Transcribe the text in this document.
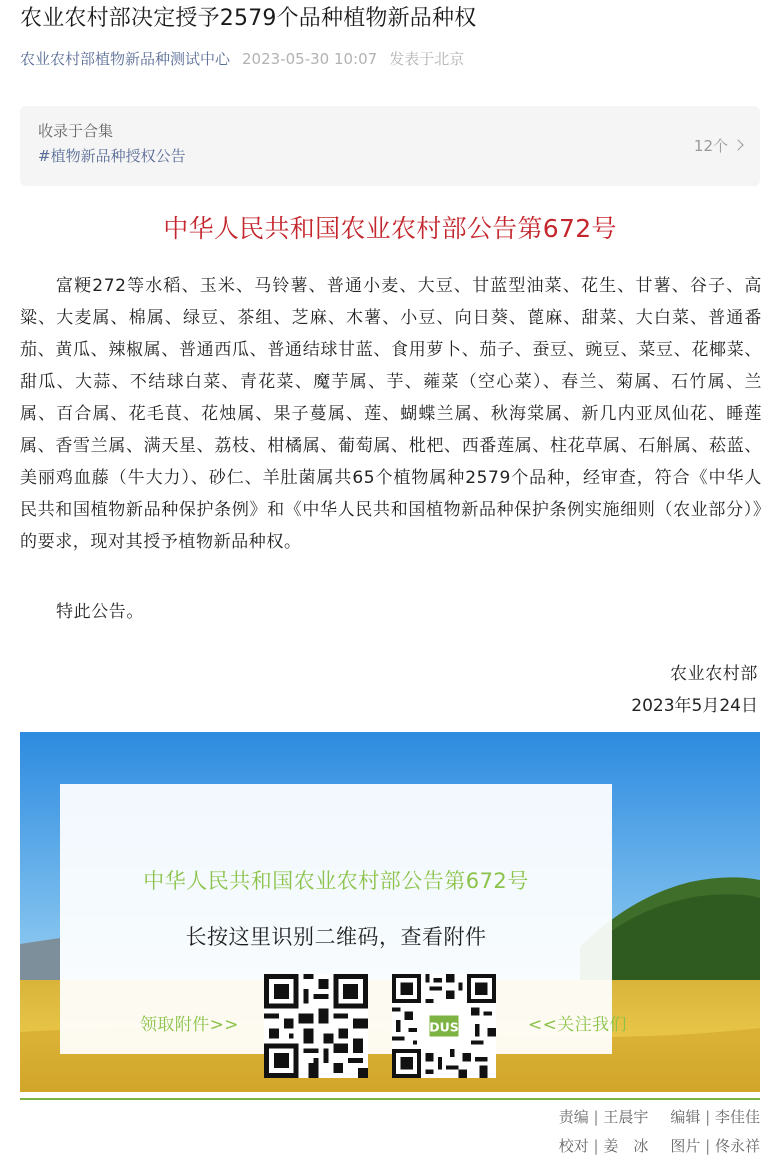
农业农村部决定授予2579个品种植物新品种权
农业农村部植物新品种测试中心 2023-05-30 10:07 发表于北京
收录于合集
#植物新品种授权公告
12个
中华人民共和国农业农村部公告第672号

富粳272等水稻、玉米、马铃薯、普通小麦、大豆、甘蓝型油菜、花生、甘薯、谷子、高粱、大麦属、棉属、绿豆、茶组、芝麻、木薯、小豆、向日葵、蓖麻、甜菜、大白菜、普通番茄、黄瓜、辣椒属、普通西瓜、普通结球甘蓝、食用萝卜、茄子、蚕豆、豌豆、菜豆、花椰菜、甜瓜、大蒜、不结球白菜、青花菜、魔芋属、芋、蕹菜（空心菜）、春兰、菊属、石竹属、兰属、百合属、花毛茛、花烛属、果子蔓属、莲、蝴蝶兰属、秋海棠属、新几内亚凤仙花、睡莲属、香雪兰属、满天星、荔枝、柑橘属、葡萄属、枇杷、西番莲属、柱花草属、石斛属、菘蓝、美丽鸡血藤（牛大力）、砂仁、羊肚菌属共65个植物属种2579个品种，经审查，符合《中华人民共和国植物新品种保护条例》和《中华人民共和国植物新品种保护条例实施细则（农业部分）》的要求，现对其授予植物新品种权。

特此公告。

农业农村部

2023年5月24日

中华人民共和国农业农村部公告第672号
长按这里识别二维码，查看附件
领取附件>>	<<关注我们
DUS
责编 | 王晨宇 编辑 | 李佳佳
校对 | 姜　冰 图片 | 佟永祥
